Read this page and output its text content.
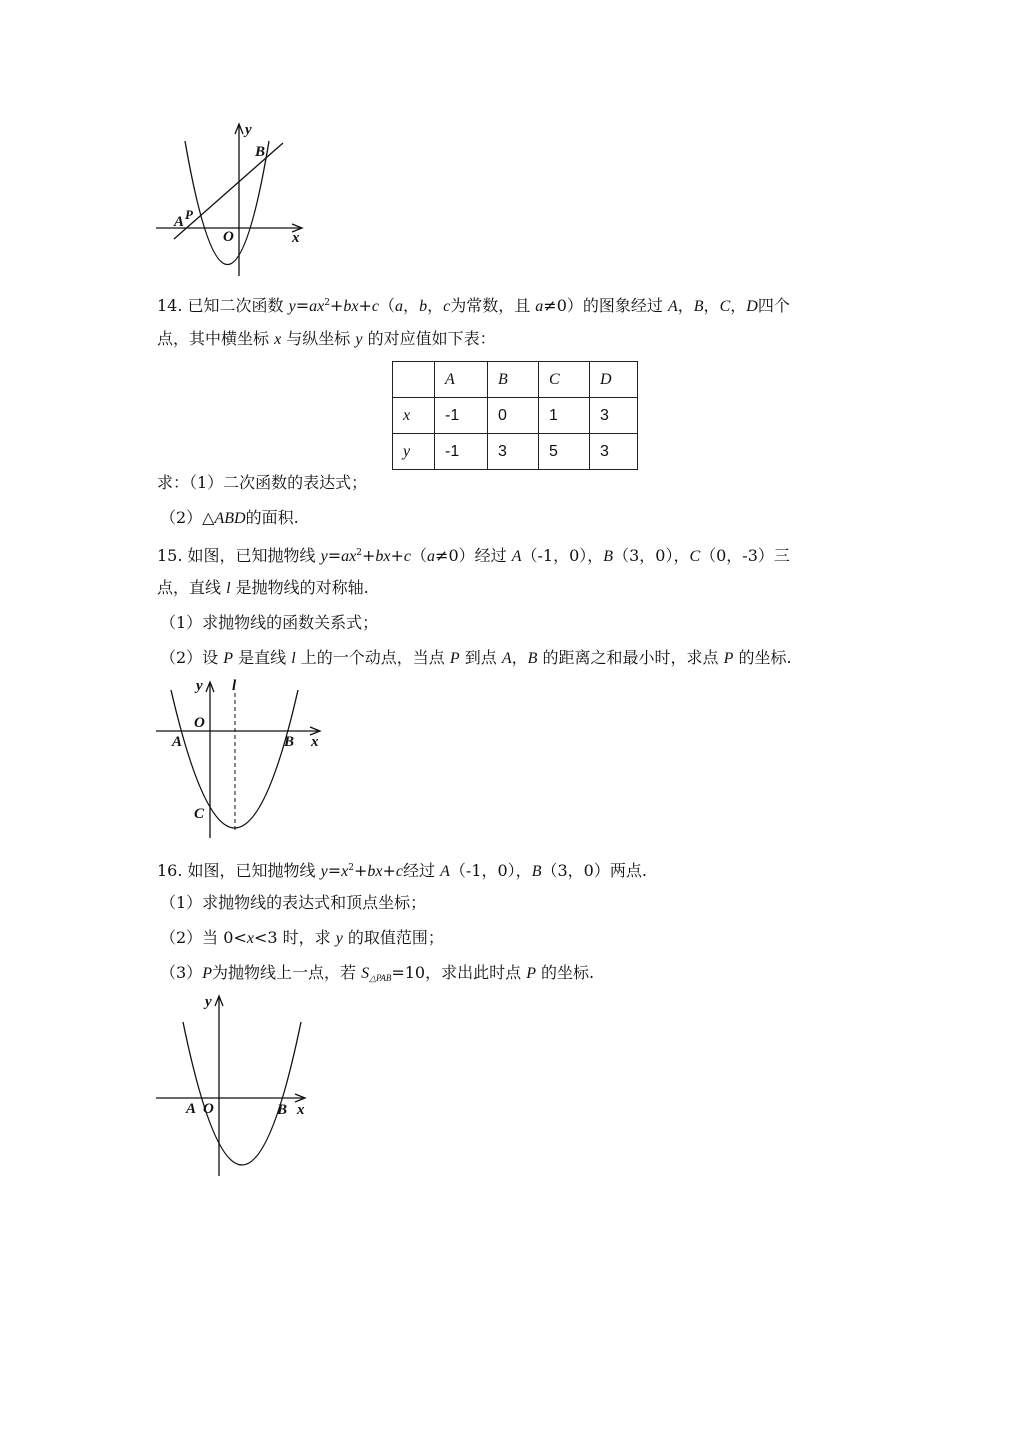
y
x
B
A P
O
14. 已知二次函数 $y=ax^2+bx+c(a$，b，c为常数，且 a≠0）的图象经过 A，B，C，D四个
点，其中横坐标 x 与纵坐标 y 的对应值如下表：
	A	B	C	D
x	-1	0	1	3
y	-1	3	5	3
求：（1）二次函数的表达式；
（2）△ABD的面积.
15. 如图，已知抛物线 $y=ax^2+bx+c(a\ne 0)$经过 A（-1，0），B（3，0），C（0，-3）三
点，直线 l 是抛物线的对称轴.
（1）求抛物线的函数关系式；
（2）设 P 是直线 l 上的一个动点，当点 P 到点 A，B 的距离之和最小时，求点 P 的坐标.
y l
O
A	B x
C
16. 如图，已知抛物线 $y=x^2+bx+c$经过 A（-1，0），B（3，0）两点.
（1）求抛物线的表达式和顶点坐标；
（2）当 0<x<3 时，求 y 的取值范围；
（3）P为抛物线上一点，若 $S_{\triangle PAB}=10$，求出此时点 P 的坐标.
y
A O	B x
